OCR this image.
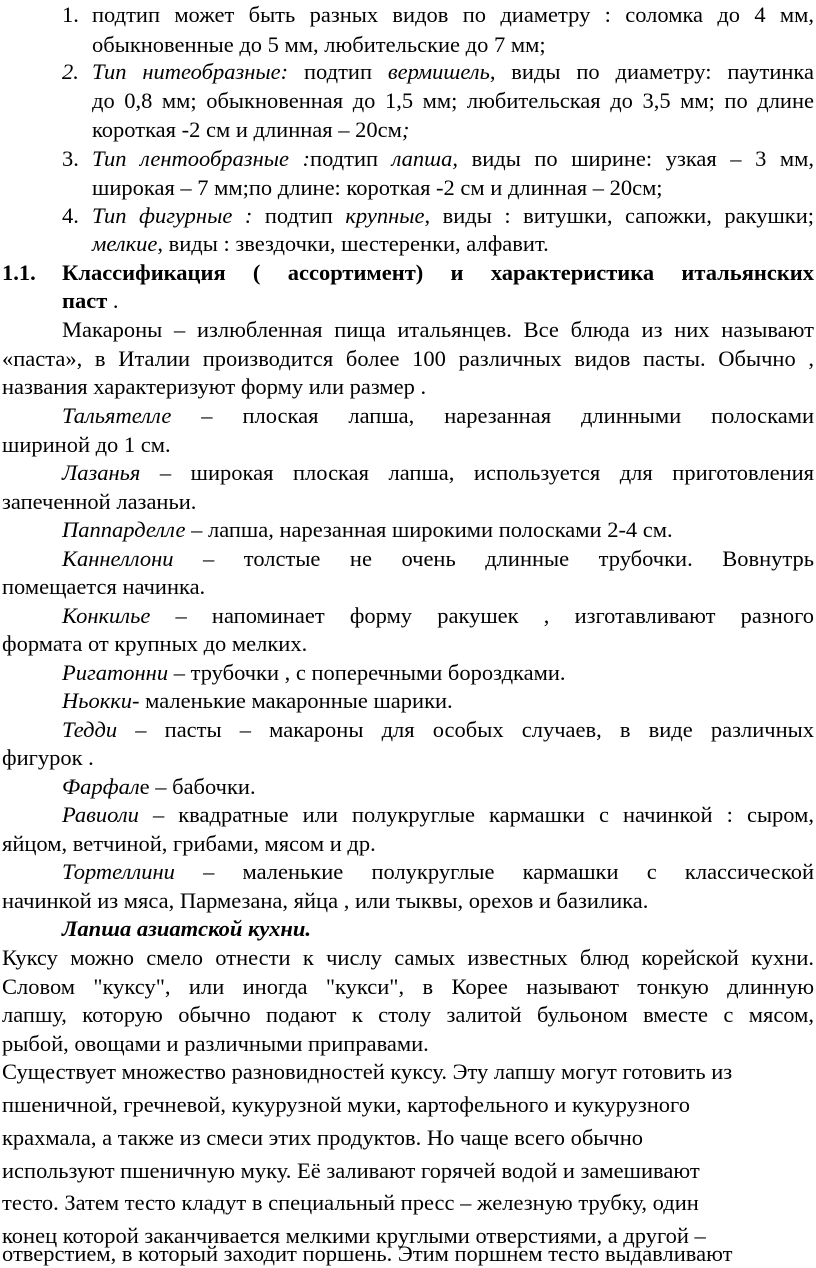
1. подтип может быть разных видов по диаметру : соломка до 4 мм,
обыкновенные до 5 мм, любительские до 7 мм;
2. Тип нитеобразные: подтип вермишель, виды по диаметру: паутинка
до 0,8 мм; обыкновенная до 1,5 мм; любительская до 3,5 мм; по длине
короткая -2 см и длинная – 20см;
3. Тип лентообразные :подтип лапша, виды по ширине: узкая – 3 мм,
широкая – 7 мм;по длине: короткая -2 см и длинная – 20см;
4. Тип фигурные : подтип крупные, виды : витушки, сапожки, ракушки;
мелкие, виды : звездочки, шестеренки, алфавит.
1.1.	Классификация ( ассортимент) и характеристика итальянских
паст .
Макароны – излюбленная пища итальянцев. Все блюда из них называют
«паста», в Италии производится более 100 различных видов пасты. Обычно ,
названия характеризуют форму или размер .
Тальятелле – плоская лапша, нарезанная длинными полосками
шириной до 1 см.
Лазанья – широкая плоская лапша, используется для приготовления
запеченной лазаньи.
Паппарделле – лапша, нарезанная широкими полосками 2-4 см.
Каннеллони – толстые не очень длинные трубочки. Вовнутрь
помещается начинка.
Конкилье – напоминает форму ракушек , изготавливают разного
формата от крупных до мелких.
Ригатонни – трубочки , с поперечными бороздками.
Ньокки- маленькие макаронные шарики.
Тедди – пасты – макароны для особых случаев, в виде различных
фигурок .
Фарфале – бабочки.
Равиоли – квадратные или полукруглые кармашки с начинкой : сыром,
яйцом, ветчиной, грибами, мясом и др.
Тортеллини – маленькие полукруглые кармашки с классической
начинкой из мяса, Пармезана, яйца , или тыквы, орехов и базилика.
Лапша азиатской кухни.
Куксу можно смело отнести к числу самых известных блюд корейской кухни.
Словом "куксу", или иногда "кукси", в Корее называют тонкую длинную
лапшу, которую обычно подают к столу залитой бульоном вместе с мясом,
рыбой, овощами и различными приправами.
Существует множество разновидностей куксу. Эту лапшу могут готовить из
пшеничной, гречневой, кукурузной муки, картофельного и кукурузного
крахмала, а также из смеси этих продуктов. Но чаще всего обычно
используют пшеничную муку. Её заливают горячей водой и замешивают
тесто. Затем тесто кладут в специальный пресс – железную трубку, один
конец которой заканчивается мелкими круглыми отверстиями, а другой –
отверстием, в который заходит поршень. Этим поршнем тесто выдавливают
